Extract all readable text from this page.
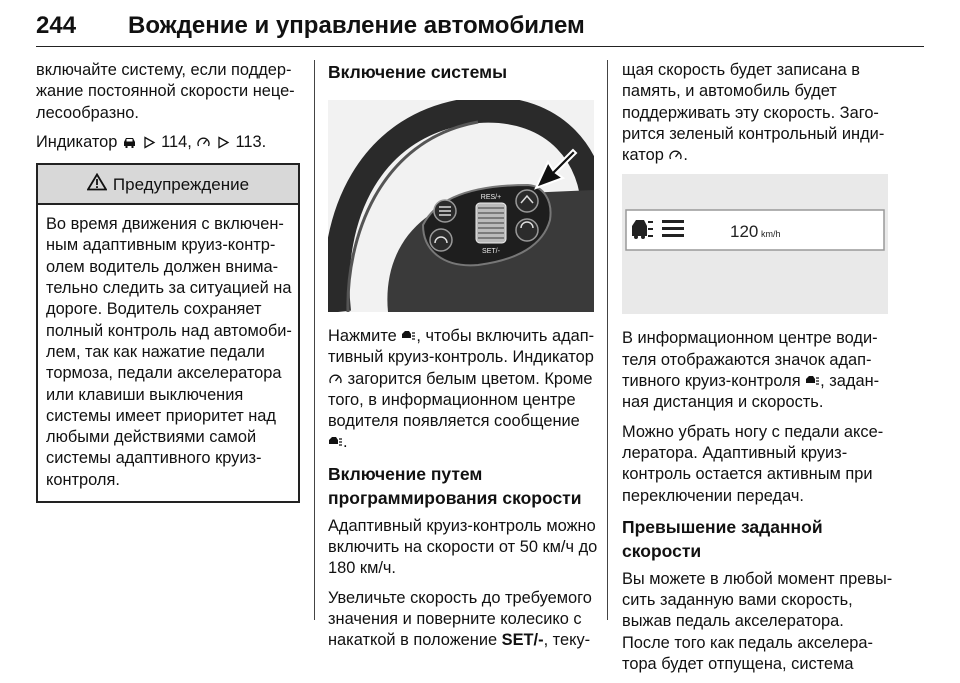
244 Вождение и управление автомобилем

включайте систему, если поддер-
жание постоянной скорости неце-
лесообразно.

Индикатор
	114,
	113.

Предупреждение
Во время движения с включен-
ным адаптивным круиз-контр-
олем водитель должен внима-
тельно следить за ситуацией на
дороге. Водитель сохраняет
полный контроль над автомоби-
лем, так как нажатие педали
тормоза, педали акселератора
или клавиши выключения
системы имеет приоритет над
любыми действиями самой
системы адаптивного круиз-
контроля.
Включение системы
RES/+
SET/-

Нажмите , чтобы включить адап-
тивный круиз-контроль. Индикатор
загорится белым цветом. Кроме
того, в информационном центре
водителя появляется сообщение
.

Включение путем
программирования скорости

Адаптивный круиз-контроль можно
включить на скорости от 50 км/ч до
180 км/ч.

Увеличьте скорость до требуемого
значения и поверните колесико с
накаткой в положение SET/-, теку-

щая скорость будет записана в
память, и автомобиль будет
поддерживать эту скорость. Заго-
рится зеленый контрольный инди-
катор .

120 km/h

В информационном центре води-
теля отображаются значок адап-
тивного круиз-контроля , задан-
ная дистанция и скорость.

Можно убрать ногу с педали аксе-
лератора. Адаптивный круиз-
контроль остается активным при
переключении передач.

Превышение заданной
скорости

Вы можете в любой момент превы-
сить заданную вами скорость,
выжав педаль акселератора.
После того как педаль акселера-
тора будет отпущена, система
